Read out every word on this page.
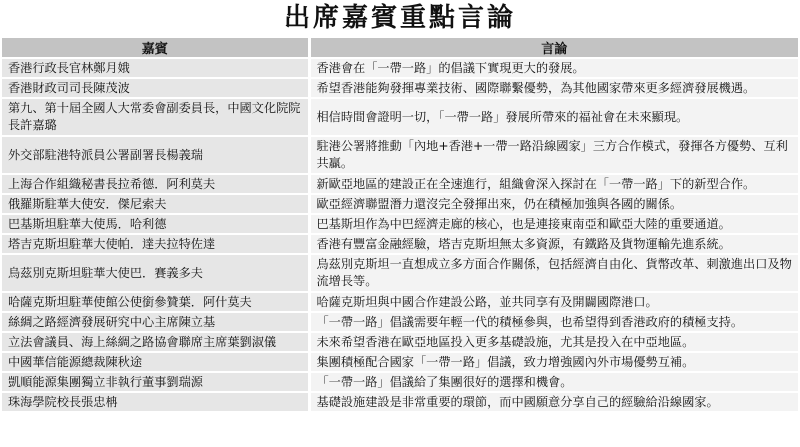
出席嘉賓重點言論
嘉賓	言論
香港行政長官林鄭月娥	香港會在「一帶一路」的倡議下實現更大的發展。
香港財政司司長陳茂波	希望香港能夠發揮專業技術、國際聯繫優勢，為其他國家帶來更多經濟發展機遇。
第九、第十屆全國人大常委會副委員長，中國文化院院長許嘉璐	相信時間會證明一切，「一帶一路」發展所帶來的福祉會在未來顯現。
外交部駐港特派員公署副署長楊義瑞	駐港公署將推動「內地+香港+一帶一路沿線國家」三方合作模式，發揮各方優勢、互利共贏。
上海合作組織秘書長拉希德．阿利莫夫	新歐亞地區的建設正在全速進行，組織會深入探討在「一帶一路」下的新型合作。
俄羅斯駐華大使安．傑尼索夫	歐亞經濟聯盟潛力還沒完全發揮出來，仍在積極加強與各國的關係。
巴基斯坦駐華大使馬．哈利德	巴基斯坦作為中巴經濟走廊的核心，也是連接東南亞和歐亞大陸的重要通道。
塔吉克斯坦駐華大使帕．達夫拉特佐達	香港有豐富金融經驗，塔吉克斯坦無太多資源，有鐵路及貨物運輸先進系統。
烏茲別克斯坦駐華大使巴．賽義多夫	烏茲別克斯坦一直想成立多方面合作關係，包括經濟自由化、貨幣改革、刺激進出口及物流增長等。
哈薩克斯坦駐華使館公使銜參贊葉．阿什莫夫	哈薩克斯坦與中國合作建設公路，並共同享有及開闢國際港口。
絲綢之路經濟發展研究中心主席陳立基	「一帶一路」倡議需要年輕一代的積極參與，也希望得到香港政府的積極支持。
立法會議員、海上絲綢之路協會聯席主席葉劉淑儀	未來希望香港在歐亞地區投入更多基礎設施，尤其是投入在中亞地區。
中國華信能源總裁陳秋途	集團積極配合國家「一帶一路」倡議，致力增強國內外市場優勢互補。
凱順能源集團獨立非執行董事劉瑞源	「一帶一路」倡議給了集團很好的選擇和機會。
珠海學院校長張忠柟	基礎設施建設是非常重要的環節，而中國願意分享自己的經驗給沿線國家。
